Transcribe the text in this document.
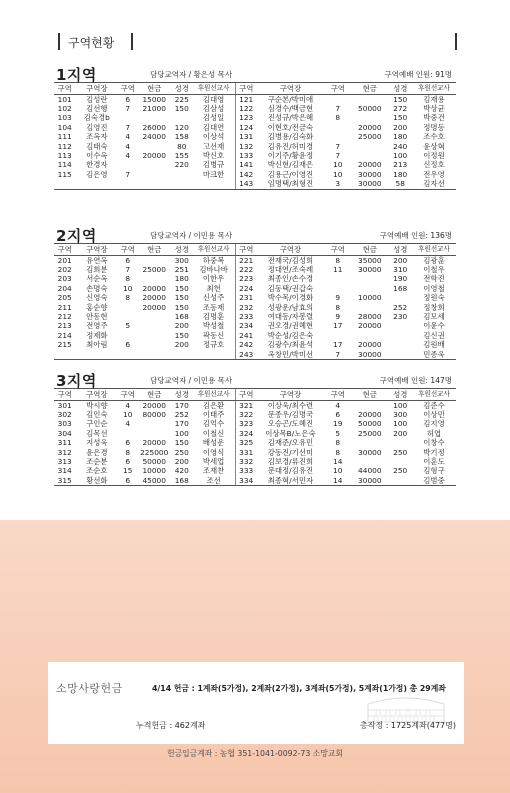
구역현황
1지역	담당교역자 / 황은성 목사	구역예배 인원: 91명
구역	구역장	구역	현금	성경	후원선교사	구역	구역장	구역	현금	성경	후원선교사
101	김성란	6	15000	225	김대영	121	구순본/박미애			150	김재용
102	김선행	7	21000	150	김삼성	122	심경수/백금현	7	50000	272	박상균
103	김숙경b				김성일	123	진성규/박은혜	8		150	박중건
104	김영진	7	26000	120	김대연	124	이현호/전금숙		20000	200	정명동
111	조옥자	4	24000	158	이상석	131	김병용/김숙화		25000	180	조수호
112	김태숙	4		80	고선재	132	김유진/허미경	7		240	윤상혁
113	이수옥	4	20000	155	박신호	133	이기주/황윤정	7		100	이정원
114	한경자			220	김병규	141	박신현/김재은	10	20000	213	신정호
115	김은영	7			마크한	142	김용근/이영진	10	30000	180	전우영
						143	임명택/최형진	3	30000	58	김자선
2지역	담당교역자 / 이민용 목사	구역예배 인원: 136명
구역	구역장	구역	현금	성경	후원선교사	구역	구역장	구역	현금	성경	후원선교사
201	유연옥	6		300	하중복	221	전재국/김성희	8	35000	200	김광훈
202	김희분	7	25000	251	김바나바	222	정대연/조숙례	11	30000	310	이철우
203	서순옥	8		180	이한우	223	최종인/손수경			190	전학진
204	손명숙	10	20000	150	최헌	224	김동택/권갑숙			168	이영철
205	신영숙	8	20000	150	신성주	231	박수목/이경화	9	10000		정원숙
211	홍순향		20000	150	조동제	232	성광운/남효의	8		252	정창희
212	안동현			168	김명훈	233	여대동/자봉렬	9	28000	230	김모세
213	전영주	5		200	박성철	234	권오경/권혜현	17	20000		이윤수
214	정제화			150	곽동신	241	박순성/김은숙				김신권
215	최아림	6		200	정규호	242	김광수/최윤석	17	20000		김원배
						243	옥창민/박미선	7	30000		민종욱
3지역	담당교역자 / 이민용 목사	구역예배 인원: 147명
구역	구역장	구역	현금	성경	후원선교사	구역	구역장	구역	현금	성경	후원선교사
301	박시향	4	20000	170	김은환	321	이상욱/최수련	4		100	김준수
302	김인숙	10	80000	252	이태주	322	문종우/김명국	6	20000	300	이상민
303	구인순	4		170	김억수	323	오승곤/도혜진	19	50000	100	김지영
304	김목선			100	이철신	324	이상목B/노은숙	5	25000	200	허엽
311	지성욱	6	20000	150	배성운	325	김재준/오유민	8			이창수
312	윤은경	8	225000	250	이영식	331	강동진/기선미	8	30000	250	박기정
313	조순분	6	50000	200	박세업	332	김보경/류진희	14			이훈도
314	조순호	15	10000	420	조재찬	333	문대정/김유진	10	44000	250	김형구
315	황선화	6	45000	168	조선	334	최종혁/서민자	14	30000		김범중
소망사랑헌금	4/14 헌금 : 1계좌(5가정), 2계좌(2가정), 3계좌(5가정), 5계좌(1가정) 총 29계좌
누적헌금 : 462계좌	총작정 : 1725계좌(477명)
헌금입금계좌 : 농협 351-1041-0092-73 소망교회
